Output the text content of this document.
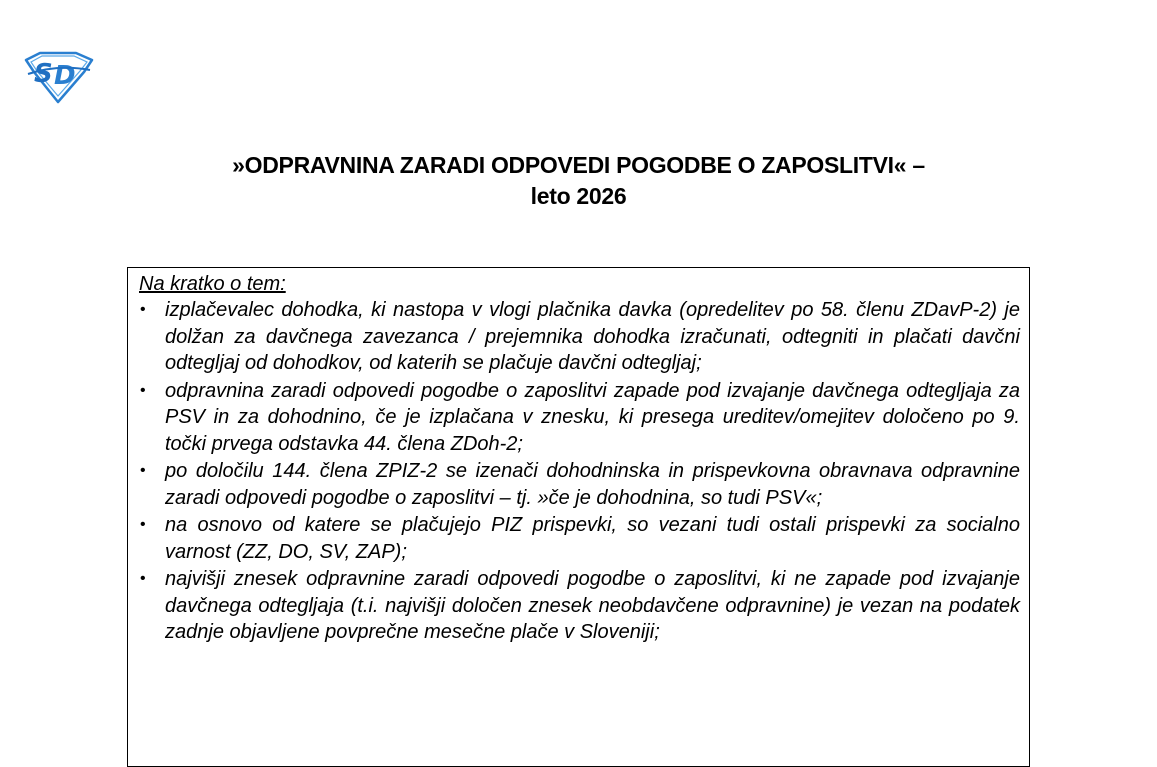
S D
»ODPRAVNINA ZARADI ODPOVEDI POGODBE O ZAPOSLITVI« –
leto 2026
Na kratko o tem:
• izplačevalec dohodka, ki nastopa v vlogi plačnika davka (opredelitev po 58. členu ZDavP-2) je dolžan za davčnega zavezanca / prejemnika dohodka izračunati, odtegniti in plačati davčni odtegljaj od dohodkov, od katerih se plačuje davčni odtegljaj;
• odpravnina zaradi odpovedi pogodbe o zaposlitvi zapade pod izvajanje davčnega odtegljaja za PSV in za dohodnino, če je izplačana v znesku, ki presega ureditev/omejitev določeno po 9. točki prvega odstavka 44. člena ZDoh-2;
• po določilu 144. člena ZPIZ-2 se izenači dohodninska in prispevkovna obravnava odpravnine zaradi odpovedi pogodbe o zaposlitvi – tj. »če je dohodnina, so tudi PSV«;
• na osnovo od katere se plačujejo PIZ prispevki, so vezani tudi ostali prispevki za socialno varnost (ZZ, DO, SV, ZAP);
• najvišji znesek odpravnine zaradi odpovedi pogodbe o zaposlitvi, ki ne zapade pod izvajanje davčnega odtegljaja (t.i. najvišji določen znesek neobdavčene odpravnine) je vezan na podatek zadnje objavljene povprečne mesečne plače v Sloveniji;
